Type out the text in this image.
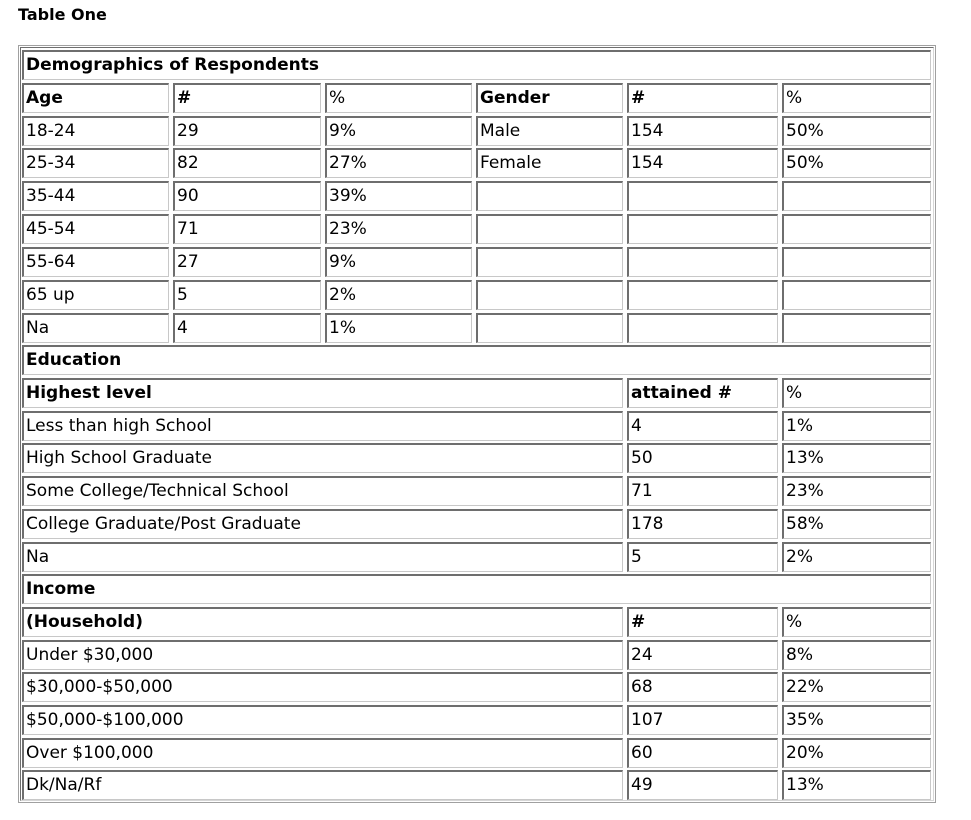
Table One
Demographics of Respondents
Age	#	%	Gender	#	%
18-24	29	9%	Male	154	50%
25-34	82	27%	Female	154	50%
35-44	90	39%
45-54	71	23%
55-64	27	9%
65 up	5	2%
Na	4	1%
Education
Highest level	attained #	%
Less than high School	4	1%
High School Graduate	50	13%
Some College/Technical School	71	23%
College Graduate/Post Graduate	178	58%
Na	5	2%
Income
(Household)	#	%
Under $30,000	24	8%
$30,000-$50,000	68	22%
$50,000-$100,000	107	35%
Over $100,000	60	20%
Dk/Na/Rf	49	13%
